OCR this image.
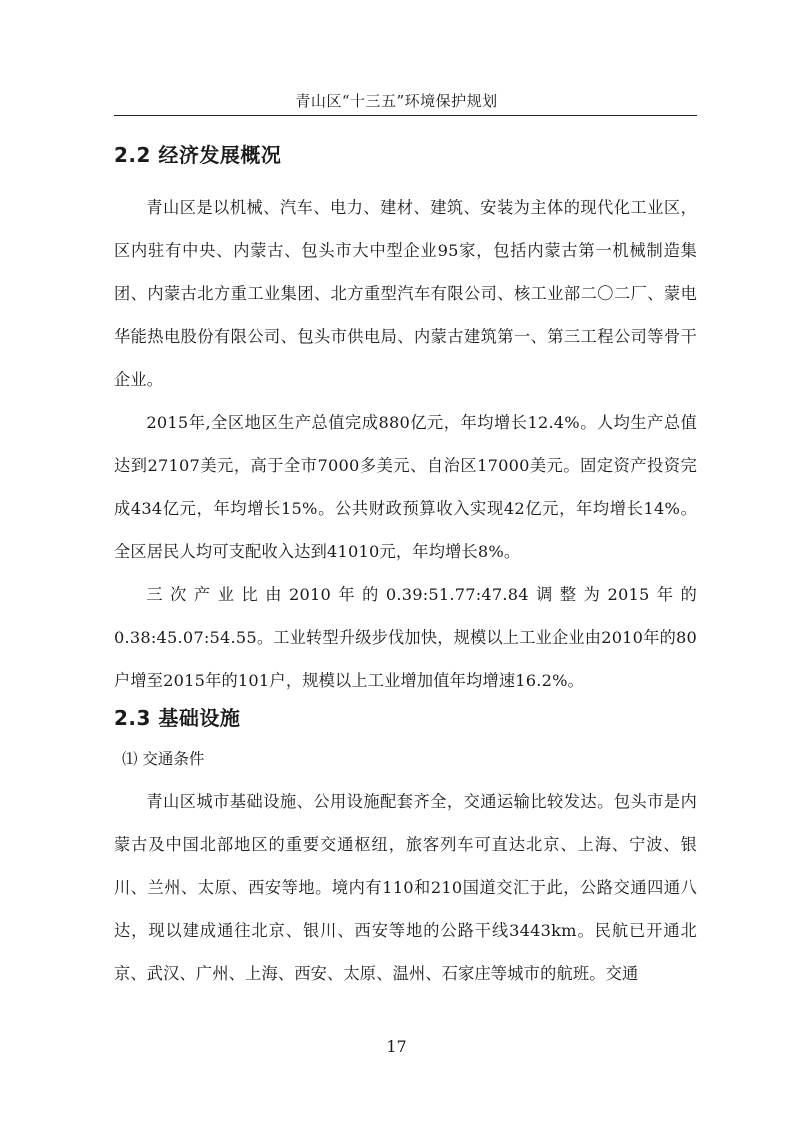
青山区“十三五”环境保护规划
2.2 经济发展概况

青山区是以机械、汽车、电力、建材、建筑、安装为主体的现代化工业区，区内驻有中央、内蒙古、包头市大中型企业95家，包括内蒙古第一机械制造集团、内蒙古北方重工业集团、北方重型汽车有限公司、核工业部二〇二厂、蒙电华能热电股份有限公司、包头市供电局、内蒙古建筑第一、第三工程公司等骨干企业。

2015年,全区地区生产总值完成880亿元，年均增长12.4%。人均生产总值达到27107美元，高于全市7000多美元、自治区17000美元。固定资产投资完成434亿元，年均增长15%。公共财政预算收入实现42亿元，年均增长14%。全区居民人均可支配收入达到41010元，年均增长8%。

三次产业比由2010年的0.39:51.77:47.84调整为2015年的

0.38:45.07:54.55。工业转型升级步伐加快，规模以上工业企业由2010年的80户增至2015年的101户，规模以上工业增加值年均增速16.2%。

2.3 基础设施
⑴ 交通条件

青山区城市基础设施、公用设施配套齐全，交通运输比较发达。包头市是内蒙古及中国北部地区的重要交通枢纽，旅客列车可直达北京、上海、宁波、银川、兰州、太原、西安等地。境内有110和210国道交汇于此，公路交通四通八达，现以建成通往北京、银川、西安等地的公路干线3443km。民航已开通北京、武汉、广州、上海、西安、太原、温州、石家庄等城市的航班。交通

17
